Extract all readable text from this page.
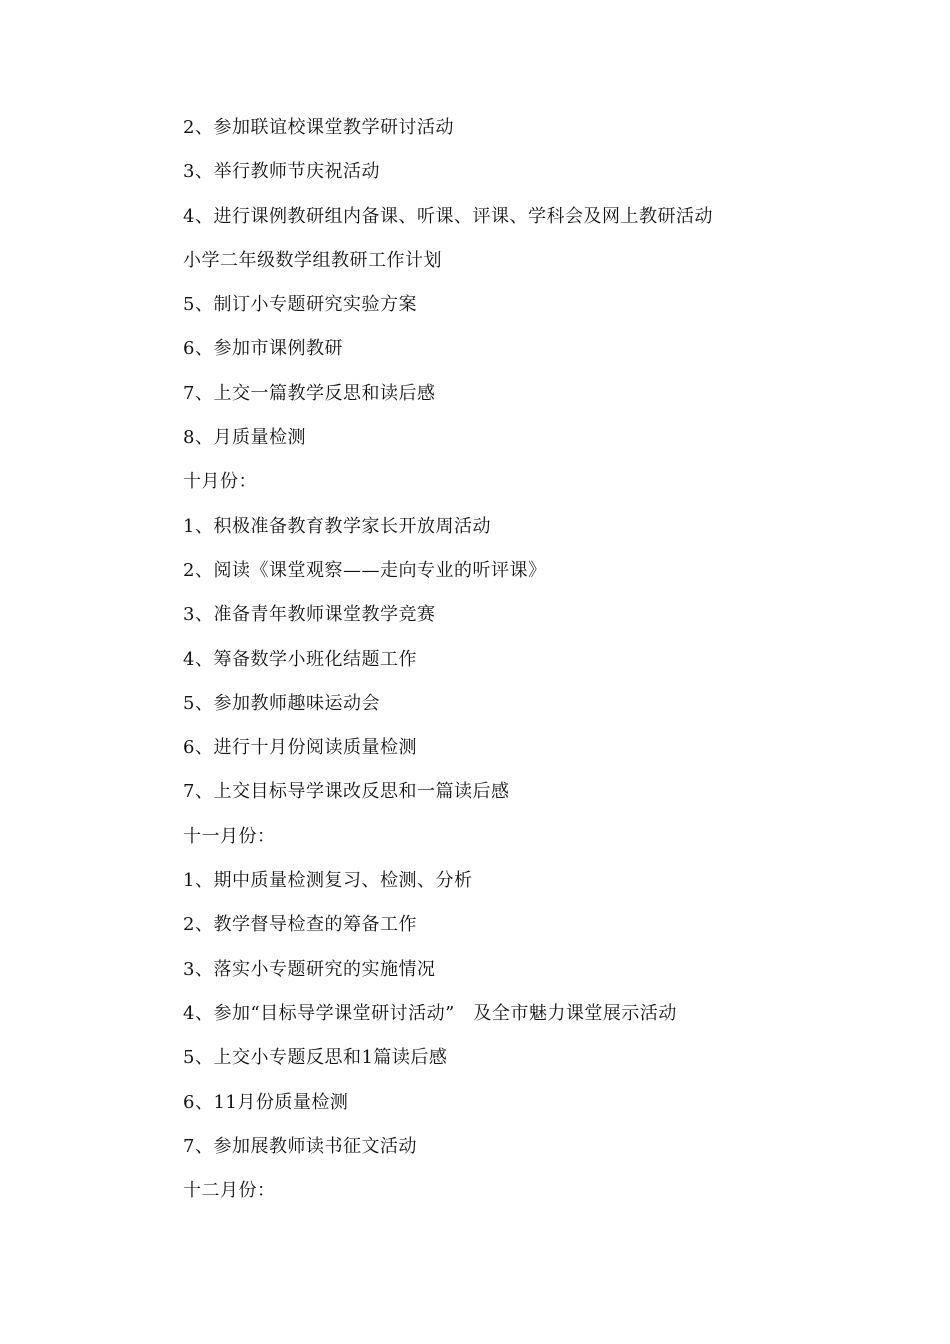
2、参加联谊校课堂教学研讨活动
3、举行教师节庆祝活动
4、进行课例教研组内备课、听课、评课、学科会及网上教研活动
小学二年级数学组教研工作计划
5、制订小专题研究实验方案
6、参加市课例教研
7、上交一篇教学反思和读后感
8、月质量检测
十月份：
1、积极准备教育教学家长开放周活动
2、阅读《课堂观察——走向专业的听评课》
3、准备青年教师课堂教学竞赛
4、筹备数学小班化结题工作
5、参加教师趣味运动会
6、进行十月份阅读质量检测
7、上交目标导学课改反思和一篇读后感
十一月份：
1、期中质量检测复习、检测、分析
2、教学督导检查的筹备工作
3、落实小专题研究的实施情况
4、参加“目标导学课堂研讨活动”　及全市魅力课堂展示活动
5、上交小专题反思和1篇读后感
6、11月份质量检测
7、参加展教师读书征文活动
十二月份：
